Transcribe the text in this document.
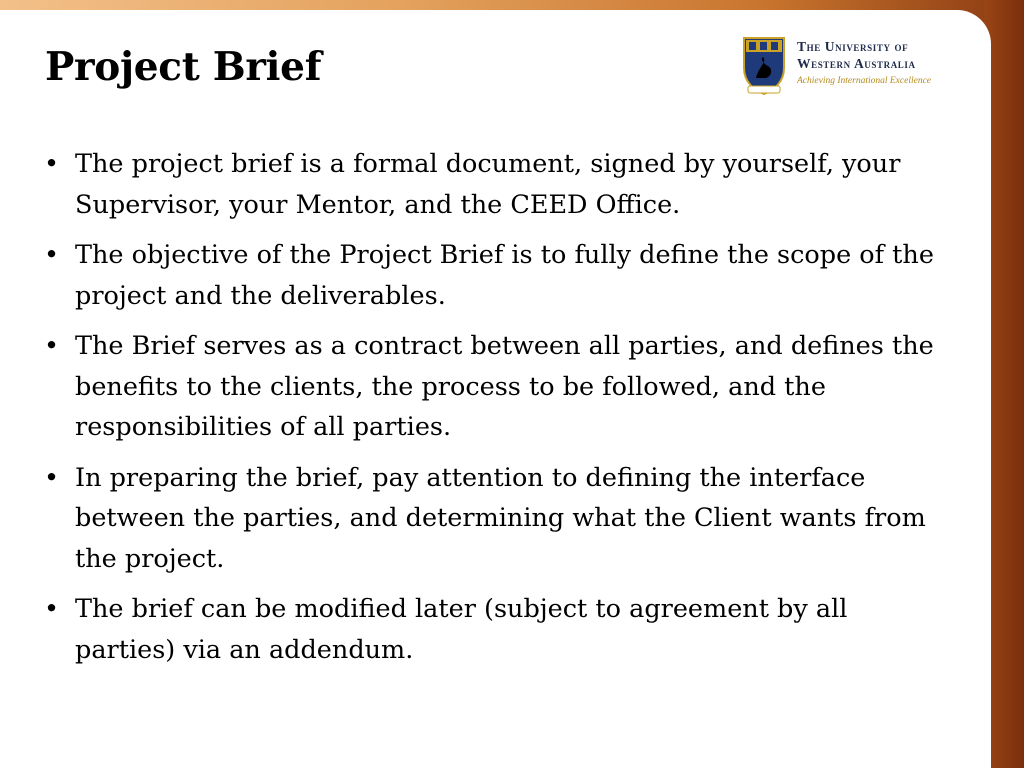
Project Brief	The University of
Western Australia
Achieving International Excellence
• The project brief is a formal document, signed by yourself, your Supervisor, your Mentor, and the CEED Office.
• The objective of the Project Brief is to fully define the scope of the project and the deliverables.
• The Brief serves as a contract between all parties, and defines the benefits to the clients, the process to be followed, and the responsibilities of all parties.
• In preparing the brief, pay attention to defining the interface between the parties, and determining what the Client wants from the project.
• The brief can be modified later (subject to agreement by all parties) via an addendum.
